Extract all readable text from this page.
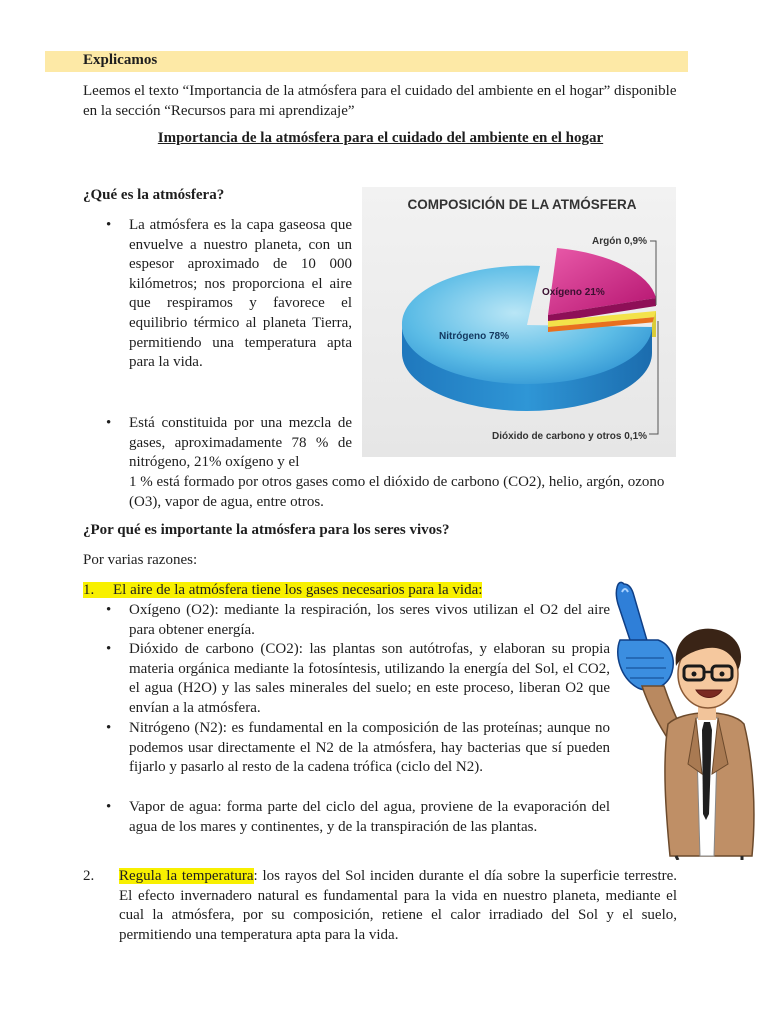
Explicamos
Leemos el texto “Importancia de la atmósfera para el cuidado del ambiente en el hogar” disponible en la sección “Recursos para mi aprendizaje”
Importancia de la atmósfera para el cuidado del ambiente en el hogar
¿Qué es la atmósfera?
• La atmósfera es la capa gaseosa que envuelve a nuestro planeta, con un espesor aproximado de 10 000 kilómetros; nos proporciona el aire que respiramos y favorece el equilibrio térmico al planeta Tierra, permitiendo una temperatura apta para la vida.
• Está constituida por una mezcla de gases, aproximadamente 78 % de nitrógeno, 21% oxígeno y el
1 % está formado por otros gases como el dióxido de carbono (CO2), helio, argón, ozono (O3), vapor de agua, entre otros.
COMPOSICIÓN DE LA ATMÓSFERA
Nitrógeno 78%
Oxígeno 21%
Argón 0,9%
Dióxido de carbono y otros 0,1%
¿Por qué es importante la atmósfera para los seres vivos?
Por varias razones:
1. El aire de la atmósfera tiene los gases necesarios para la vida:
• Oxígeno (O2): mediante la respiración, los seres vivos utilizan el O2 del aire para obtener energía.
• Dióxido de carbono (CO2): las plantas son autótrofas, y elaboran su propia materia orgánica mediante la fotosíntesis, utilizando la energía del Sol, el CO2, el agua (H2O) y las sales minerales del suelo; en este proceso, liberan O2 que envían a la atmósfera.
• Nitrógeno (N2): es fundamental en la composición de las proteínas; aunque no podemos usar directamente el N2 de la atmósfera, hay bacterias que sí pueden fijarlo y pasarlo al resto de la cadena trófica (ciclo del N2).
• Vapor de agua: forma parte del ciclo del agua, proviene de la evaporación del agua de los mares y continentes, y de la transpiración de las plantas.
2. Regula la temperatura: los rayos del Sol inciden durante el día sobre la superficie terrestre. El efecto invernadero natural es fundamental para la vida en nuestro planeta, mediante el cual la atmósfera, por su composición, retiene el calor irradiado del Sol y el suelo, permitiendo una temperatura apta para la vida.
